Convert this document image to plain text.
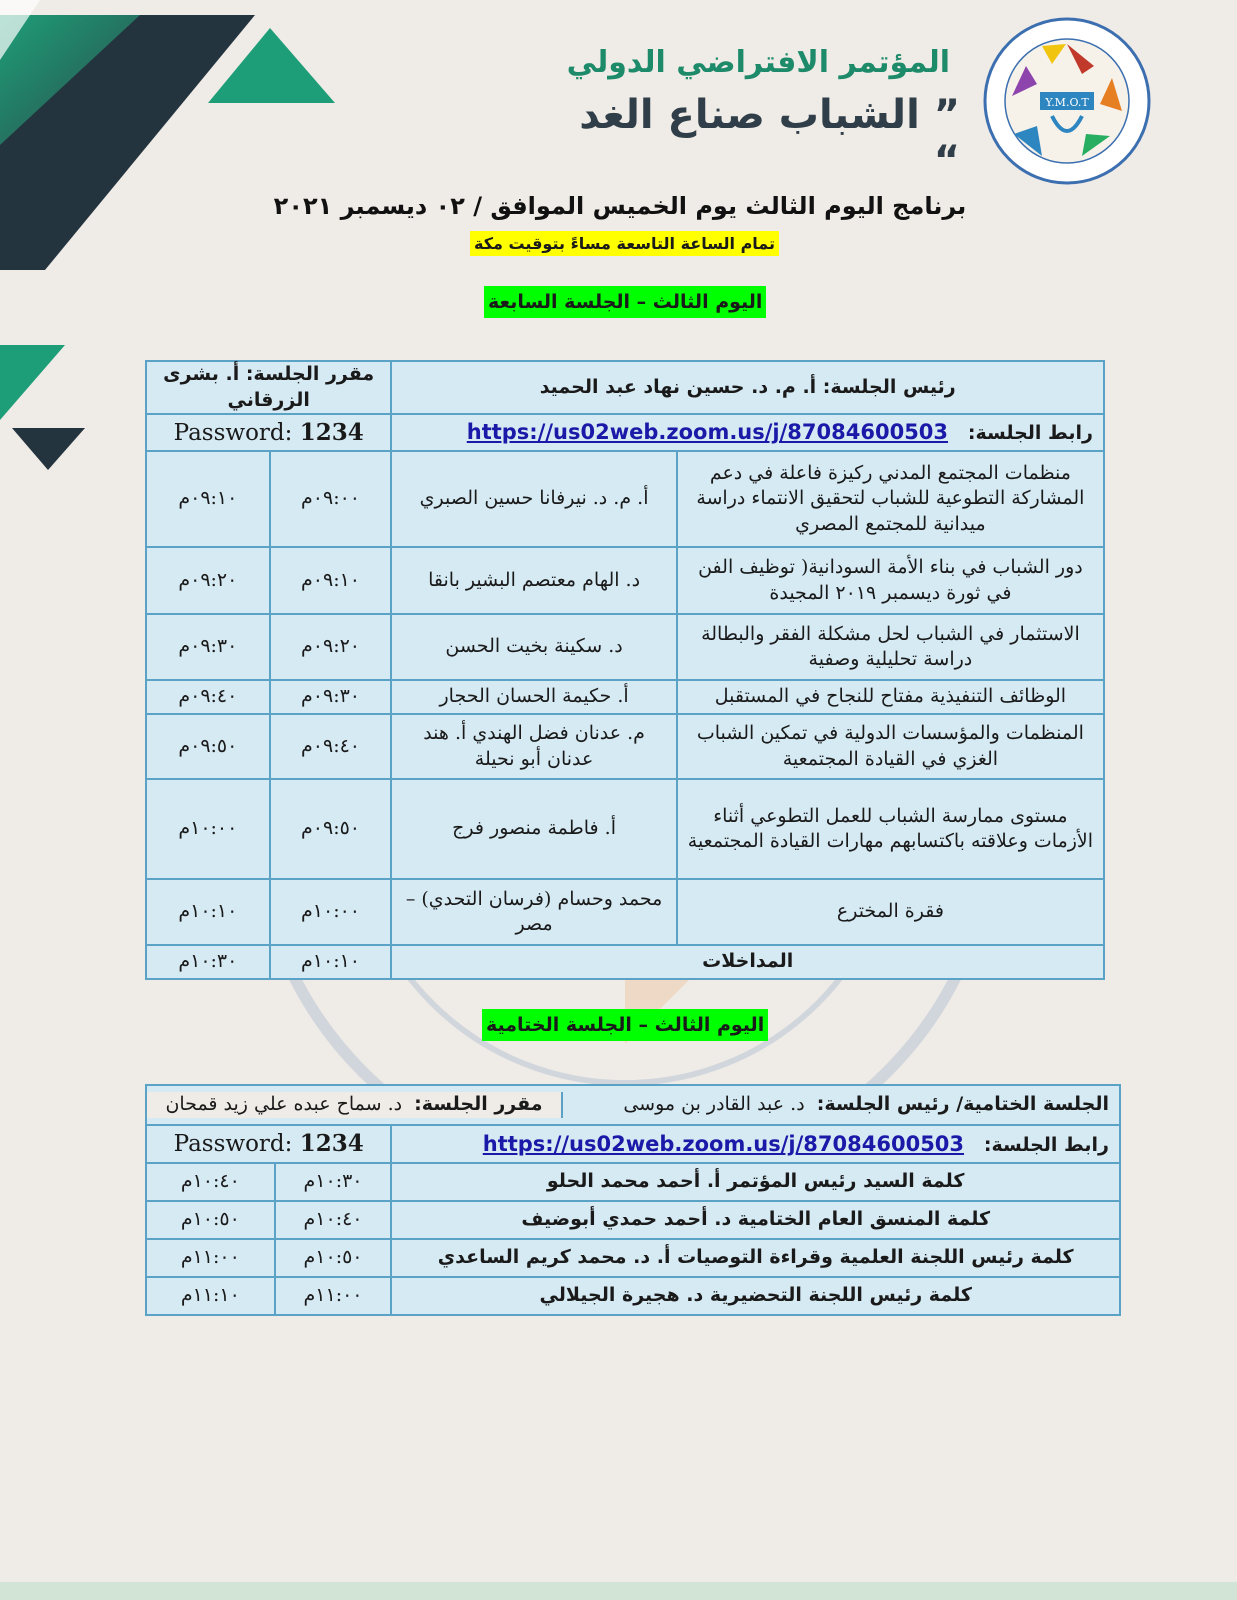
المؤتمر الافتراضي الدولي
” الشباب صناع الغد “
Y.M.O.T
برنامج اليوم الثالث يوم الخميس الموافق / ٠٢ ديسمبر ٢٠٢١
تمام الساعة التاسعة مساءً بتوقيت مكة
اليوم الثالث – الجلسة السابعة
رئيس الجلسة: أ. م. د. حسين نهاد عبد الحميد		مقرر الجلسة: أ. بشرى الزرقاني	
رابط الجلسة:   https://us02web.zoom.us/j/87084600503		Password: 1234	
منظمات المجتمع المدني ركيزة فاعلة في دعم المشاركة التطوعية للشباب لتحقيق الانتماء دراسة ميدانية للمجتمع المصري	أ. م. د. نيرفانا حسين الصبري	٠٩:٠٠م	٠٩:١٠م
دور الشباب في بناء الأمة السودانية( توظيف الفن في ثورة ديسمبر ٢٠١٩ المجيدة	د. الهام معتصم البشير بانقا	٠٩:١٠م	٠٩:٢٠م
الاستثمار في الشباب لحل مشكلة الفقر والبطالة دراسة تحليلية وصفية	د. سكينة بخيت الحسن	٠٩:٢٠م	٠٩:٣٠م
الوظائف التنفيذية مفتاح للنجاح في المستقبل	أ. حكيمة الحسان الحجار	٠٩:٣٠م	٠٩:٤٠م
المنظمات والمؤسسات الدولية في تمكين الشباب الغزي في القيادة المجتمعية	م. عدنان فضل الهندي أ. هند عدنان أبو نحيلة	٠٩:٤٠م	٠٩:٥٠م
مستوى ممارسة الشباب للعمل التطوعي أثناء الأزمات وعلاقته باكتسابهم مهارات القيادة المجتمعية	أ. فاطمة منصور فرج	٠٩:٥٠م	١٠:٠٠م
فقرة المخترع	محمد وحسام (فرسان التحدي) – مصر	١٠:٠٠م	١٠:١٠م
المداخلات		١٠:١٠م	١٠:٣٠م
اليوم الثالث – الجلسة الختامية
الجلسة الختامية/ رئيس الجلسة:  د. عبد القادر بن موسى	مقرر الجلسة:  د. سماح عبده علي زيد قمحان

رابط الجلسة:   https://us02web.zoom.us/j/87084600503	Password: 1234
كلمة السيد رئيس المؤتمر أ. أحمد محمد الحلو	١٠:٣٠م	١٠:٤٠م
كلمة المنسق العام الختامية د. أحمد حمدي أبوضيف	١٠:٤٠م	١٠:٥٠م
كلمة رئيس اللجنة العلمية وقراءة التوصيات أ. د. محمد كريم الساعدي	١٠:٥٠م	١١:٠٠م
كلمة رئيس اللجنة التحضيرية د. هجيرة الجيلالي	١١:٠٠م	١١:١٠م
